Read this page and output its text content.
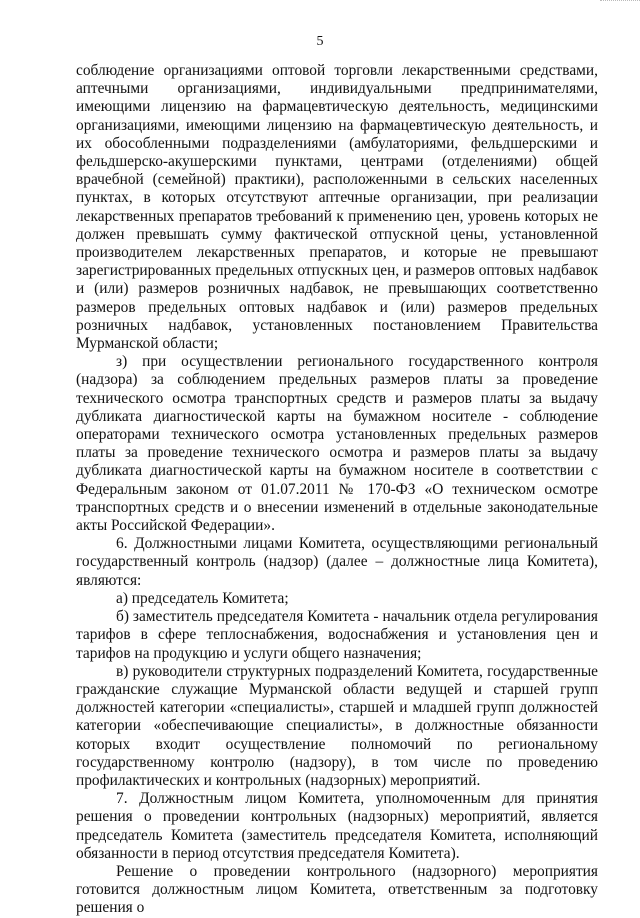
5

соблюдение организациями оптовой торговли лекарственными средствами, аптечными организациями, индивидуальными предпринимателями, имеющими лицензию на фармацевтическую деятельность, медицинскими организациями, имеющими лицензию на фармацевтическую деятельность, и их обособленными подразделениями (амбулаториями, фельдшерскими и фельдшерско-акушерскими пунктами, центрами (отделениями) общей врачебной (семейной) практики), расположенными в сельских населенных пунктах, в которых отсутствуют аптечные организации, при реализации лекарственных препаратов требований к применению цен, уровень которых не должен превышать сумму фактической отпускной цены, установленной производителем лекарственных препаратов, и которые не превышают зарегистрированных предельных отпускных цен, и размеров оптовых надбавок и (или) размеров розничных надбавок, не превышающих соответственно размеров предельных оптовых надбавок и (или) размеров предельных розничных надбавок, установленных постановлением Правительства Мурманской области;

з) при осуществлении регионального государственного контроля (надзора) за соблюдением предельных размеров платы за проведение технического осмотра транспортных средств и размеров платы за выдачу дубликата диагностической карты на бумажном носителе - соблюдение операторами технического осмотра установленных предельных размеров платы за проведение технического осмотра и размеров платы за выдачу дубликата диагностической карты на бумажном носителе в соответствии с Федеральным законом от 01.07.2011 № 170-ФЗ «О техническом осмотре транспортных средств и о внесении изменений в отдельные законодательные акты Российской Федерации».

6. Должностными лицами Комитета, осуществляющими региональный государственный контроль (надзор) (далее – должностные лица Комитета), являются:

а) председатель Комитета;

б) заместитель председателя Комитета - начальник отдела регулирования тарифов в сфере теплоснабжения, водоснабжения и установления цен и тарифов на продукцию и услуги общего назначения;

в) руководители структурных подразделений Комитета, государственные гражданские служащие Мурманской области ведущей и старшей групп должностей категории «специалисты», старшей и младшей групп должностей категории «обеспечивающие специалисты», в должностные обязанности которых входит осуществление полномочий по региональному государственному контролю (надзору), в том числе по проведению профилактических и контрольных (надзорных) мероприятий.

7. Должностным лицом Комитета, уполномоченным для принятия решения о проведении контрольных (надзорных) мероприятий, является председатель Комитета (заместитель председателя Комитета, исполняющий обязанности в период отсутствия председателя Комитета).

Решение о проведении контрольного (надзорного) мероприятия готовится должностным лицом Комитета, ответственным за подготовку решения о
